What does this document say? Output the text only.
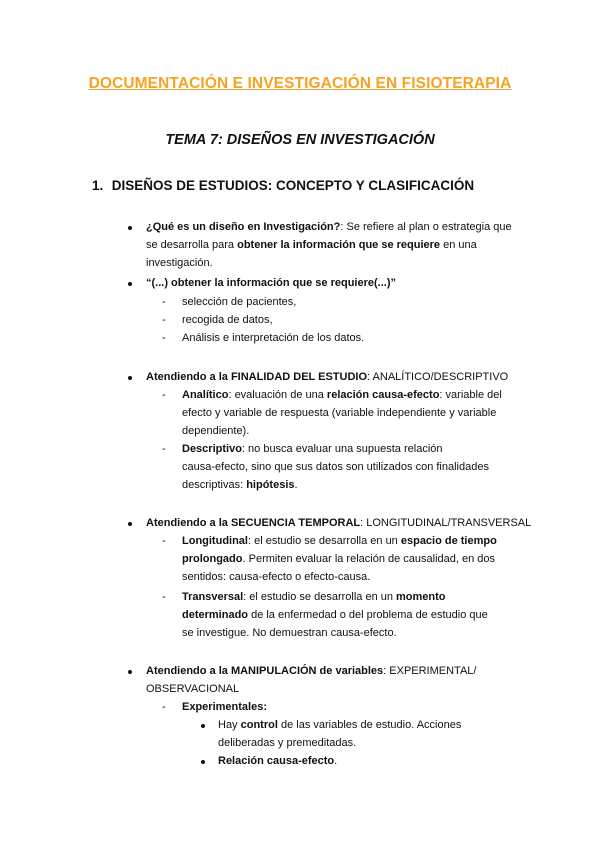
DOCUMENTACIÓN E INVESTIGACIÓN EN FISIOTERAPIA
TEMA 7: DISEÑOS EN INVESTIGACIÓN
1. DISEÑOS DE ESTUDIOS: CONCEPTO Y CLASIFICACIÓN

¿Qué es un diseño en Investigación?: Se refiere al plan o estrategia que

se desarrolla para obtener la información que se requiere en una

investigación.

“(...) obtener la información que se requiere(...)”

- selección de pacientes,
- recogida de datos,
- Análisis e interpretación de los datos.

Atendiendo a la FINALIDAD DEL ESTUDIO: ANALÍTICO/DESCRIPTIVO

- Analítico: evaluación de una relación causa-efecto: variable del

efecto y variable de respuesta (variable independiente y variable

dependiente).

- Descriptivo: no busca evaluar una supuesta relación

causa-efecto, sino que sus datos son utilizados con finalidades

descriptivas: hipótesis.

Atendiendo a la SECUENCIA TEMPORAL: LONGITUDINAL/TRANSVERSAL

- Longitudinal: el estudio se desarrolla en un espacio de tiempo

prolongado. Permiten evaluar la relación de causalidad, en dos

sentidos: causa-efecto o efecto-causa.

- Transversal: el estudio se desarrolla en un momento

determinado de la enfermedad o del problema de estudio que

se investigue. No demuestran causa-efecto.

Atendiendo a la MANIPULACIÓN de variables: EXPERIMENTAL/

OBSERVACIONAL

- Experimentales:

Hay control de las variables de estudio. Acciones

deliberadas y premeditadas.

Relación causa-efecto.
